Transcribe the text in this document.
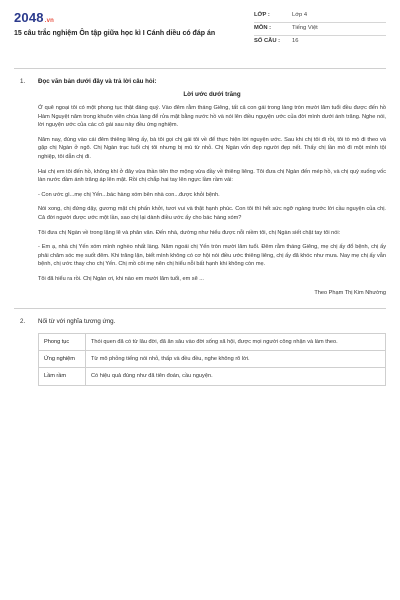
2048.vn
15 câu trắc nghiệm Ôn tập giữa học kì I Cánh diều có đáp án
LỚP :	Lớp 4
MÔN :	Tiếng Việt
SỐ CÂU :	16
1.	Đọc văn bản dưới đây và trả lời câu hỏi:
Lời ước dưới trăng

Ở quê ngoại tôi có một phong tục thật đáng quý. Vào đêm rằm tháng Giêng, tất cả con gái trong làng tròn mười lăm tuổi đều được đến hồ Hàm Nguyệt năm trong khuôn viên chùa làng để rửa mặt bằng nước hồ và nói lên điều nguyện ước của đời mình dưới ánh trăng. Nghe nói, lời nguyện ước của các cô gái sau này đều ứng nghiệm.

Năm nay, đúng vào cái đêm thiêng liêng ấy, bà tôi gọi chị gái tôi về để thực hiện lời nguyện ước. Sau khi chị tôi đi rồi, tôi tò mò đi theo và gặp chị Ngàn ở ngõ. Chị Ngàn trạc tuổi chị tôi nhưng bị mù từ nhỏ. Chị Ngàn vốn đẹp người đẹp nết. Thấy chị lần mò đi một mình tội nghiệp, tôi dẫn chị đi.

Hai chị em tôi đến hồ, không khí ở đây vừa thần tiên thơ mộng vừa đầy về thiêng liêng. Tôi đưa chị Ngàn đến mép hồ, và chị quỳ xuống vốc làn nước đầm ánh trăng áp lên mặt. Rồi chị chắp hai tay lên ngực lầm rầm vái:

- Con ước gì...mẹ chị Yến...bác hàng xóm bên nhà con...được khỏi bệnh.

Nói xong, chị đứng dậy, gương mặt chị phấn khởi, tươi vui và thật hạnh phúc. Con tôi thì hết sức ngỡ ngàng trước lời cầu nguyện của chị. Cả đời người được ước một lần, sao chị lại dành điều ước ấy cho bác hàng xóm?

Tôi đưa chị Ngàn về trong lặng lẽ và phân vân. Đến nhà, dường như hiểu được nỗi niềm tôi, chị Ngàn siết chặt tay tôi nói:

- Em ạ, nhà chị Yến xóm mình nghèo nhất làng. Năm ngoái chị Yến tròn mười lăm tuổi. Đêm rằm tháng Giêng, mẹ chị ấy đổ bệnh, chị ấy phải chăm sóc mẹ suốt đêm. Khi trăng lặn, biết mình không có cơ hội nói điều ước thiêng liêng, chị ấy đã khóc như mưa. Nay mẹ chị ấy vẫn bệnh, chị ước thay cho chị Yến. Chị mồ côi mẹ nên chị hiểu nỗi bất hạnh khi không còn mẹ.

Tôi đã hiểu ra rồi. Chị Ngàn ơi, khi nào em mười lăm tuổi, em sẽ ...

Theo Phạm Thị Kim Nhường
2.	Nối từ với nghĩa tương ứng.
Phong tục	Thói quen đã có từ lâu đời, đã ăn sâu vào đời sống xã hội, được mọi người công nhận và làm theo.
Ứng nghiệm	Từ mô phỏng tiếng nói nhỏ, thấp và đều đều, nghe không rõ lời.
Lầm rầm	Có hiệu quả đúng như đã tiên đoán, cầu nguyện.
